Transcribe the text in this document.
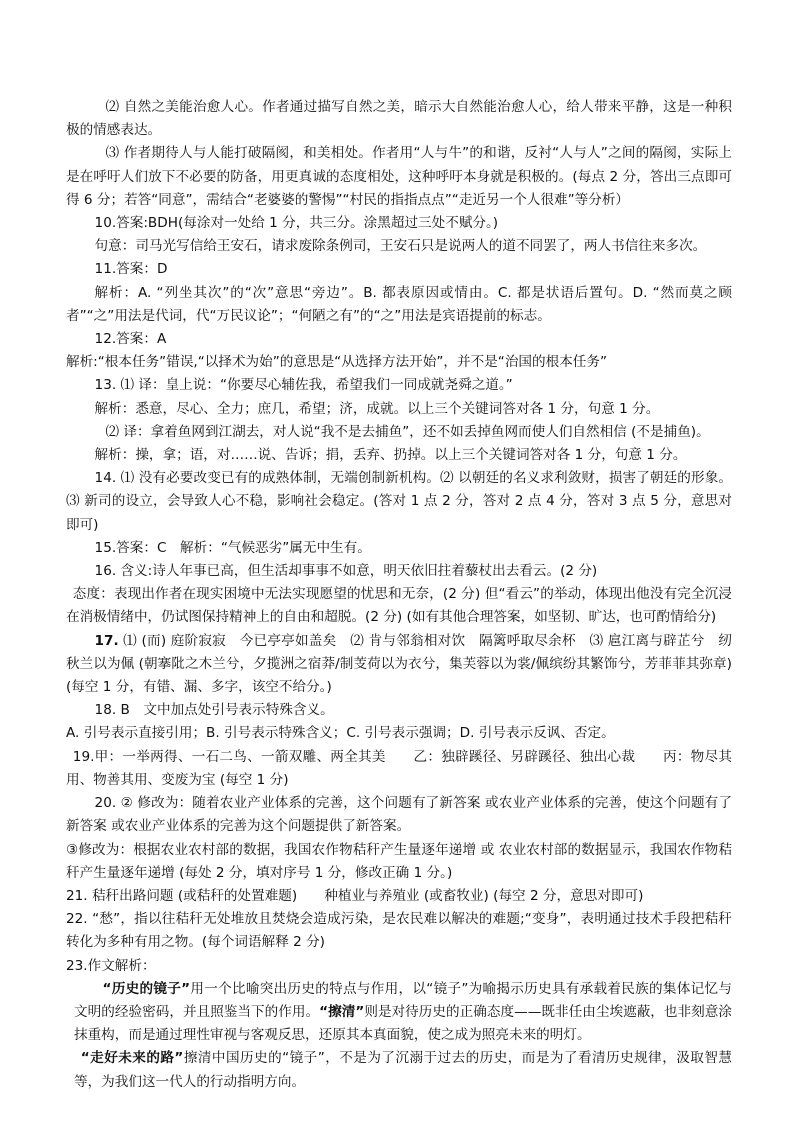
⑵ 自然之美能治愈人心。作者通过描写自然之美，暗示大自然能治愈人心，给人带来平静，这是一种积极的情感表达。

⑶ 作者期待人与人能打破隔阂，和美相处。作者用“人与牛”的和谐，反衬“人与人”之间的隔阂，实际上是在呼吁人们放下不必要的防备，用更真诚的态度相处，这种呼吁本身就是积极的。(每点 2 分，答出三点即可得 6 分；若答“同意”，需结合“老婆婆的警惕”“村民的指指点点”“走近另一个人很难”等分析）

10.答案:BDH(每涂对一处给 1 分，共三分。涂黑超过三处不赋分。)

句意：司马光写信给王安石，请求废除条例司，王安石只是说两人的道不同罢了，两人书信往来多次。

11.答案：D

解析：A. “列坐其次”的“次”意思“旁边”。B. 都表原因或情由。C. 都是状语后置句。D. “然而莫之顾者”“之”用法是代词，代“万民议论”；“何陋之有”的“之”用法是宾语提前的标志。

12.答案：A

解析:“根本任务”错误,“以择术为始”的意思是“从选择方法开始”，并不是“治国的根本任务”

13. ⑴ 译：皇上说：“你要尽心辅佐我，希望我们一同成就尧舜之道。”

解析：悉意，尽心、全力；庶几，希望；济，成就。以上三个关键词答对各 1 分，句意 1 分。

⑵ 译：拿着鱼网到江湖去，对人说“我不是去捕鱼”，还不如丢掉鱼网而使人们自然相信 (不是捕鱼)。

解析：操，拿；语，对……说、告诉；捐，丢弃、扔掉。以上三个关键词答对各 1 分，句意 1 分。

14. ⑴ 没有必要改变已有的成熟体制，无端创制新机构。⑵ 以朝廷的名义求利敛财，损害了朝廷的形象。⑶ 新司的设立，会导致人心不稳，影响社会稳定。(答对 1 点 2 分，答对 2 点 4 分，答对 3 点 5 分，意思对即可)

15.答案：C　解析：“气候恶劣”属无中生有。

16. 含义:诗人年事已高，但生活却事事不如意，明天依旧拄着藜杖出去看云。(2 分)

态度：表现出作者在现实困境中无法实现愿望的忧思和无奈，(2 分) 但“看云”的举动，体现出他没有完全沉浸在消极情绪中，仍试图保持精神上的自由和超脱。(2 分) (如有其他合理答案，如坚韧、旷达，也可酌情给分)

17. ⑴ (而) 庭阶寂寂　今已亭亭如盖矣　⑵ 肯与邻翁相对饮　隔篱呼取尽余杯　⑶ 扈江离与辟芷兮　纫秋兰以为佩 (朝搴阰之木兰兮，夕揽洲之宿莽/制芰荷以为衣兮，集芙蓉以为裳/佩缤纷其繁饰兮，芳菲菲其弥章) (每空 1 分，有错、漏、多字，该空不给分。)

18. B　文中加点处引号表示特殊含义。

A. 引号表示直接引用；B. 引号表示特殊含义；C. 引号表示强调；D. 引号表示反讽、否定。

19.甲：一举两得、一石二鸟、一箭双雕、两全其美　　乙：独辟蹊径、另辟蹊径、独出心裁　　丙：物尽其用、物善其用、变废为宝 (每空 1 分)

20. ② 修改为：随着农业产业体系的完善，这个问题有了新答案 或农业产业体系的完善，使这个问题有了新答案 或农业产业体系的完善为这个问题提供了新答案。

③修改为：根据农业农村部的数据，我国农作物秸秆产生量逐年递增 或 农业农村部的数据显示，我国农作物秸秆产生量逐年递增 (每处 2 分，填对序号 1 分，修改正确 1 分。)

21. 秸秆出路问题 (或秸秆的处置难题)　　种植业与养殖业 (或畜牧业) (每空 2 分，意思对即可)

22. “愁”，指以往秸秆无处堆放且焚烧会造成污染，是农民难以解决的难题;“变身”，表明通过技术手段把秸秆转化为多种有用之物。(每个词语解释 2 分)

23.作文解析：

“历史的镜子”用一个比喻突出历史的特点与作用，以“镜子”为喻揭示历史具有承载着民族的集体记忆与文明的经验密码，并且照鉴当下的作用。“擦清”则是对待历史的正确态度——既非任由尘埃遮蔽，也非刻意涂抹重构，而是通过理性审视与客观反思，还原其本真面貌，使之成为照亮未来的明灯。

“走好未来的路”擦清中国历史的“镜子”，不是为了沉溺于过去的历史，而是为了看清历史规律，汲取智慧等，为我们这一代人的行动指明方向。
